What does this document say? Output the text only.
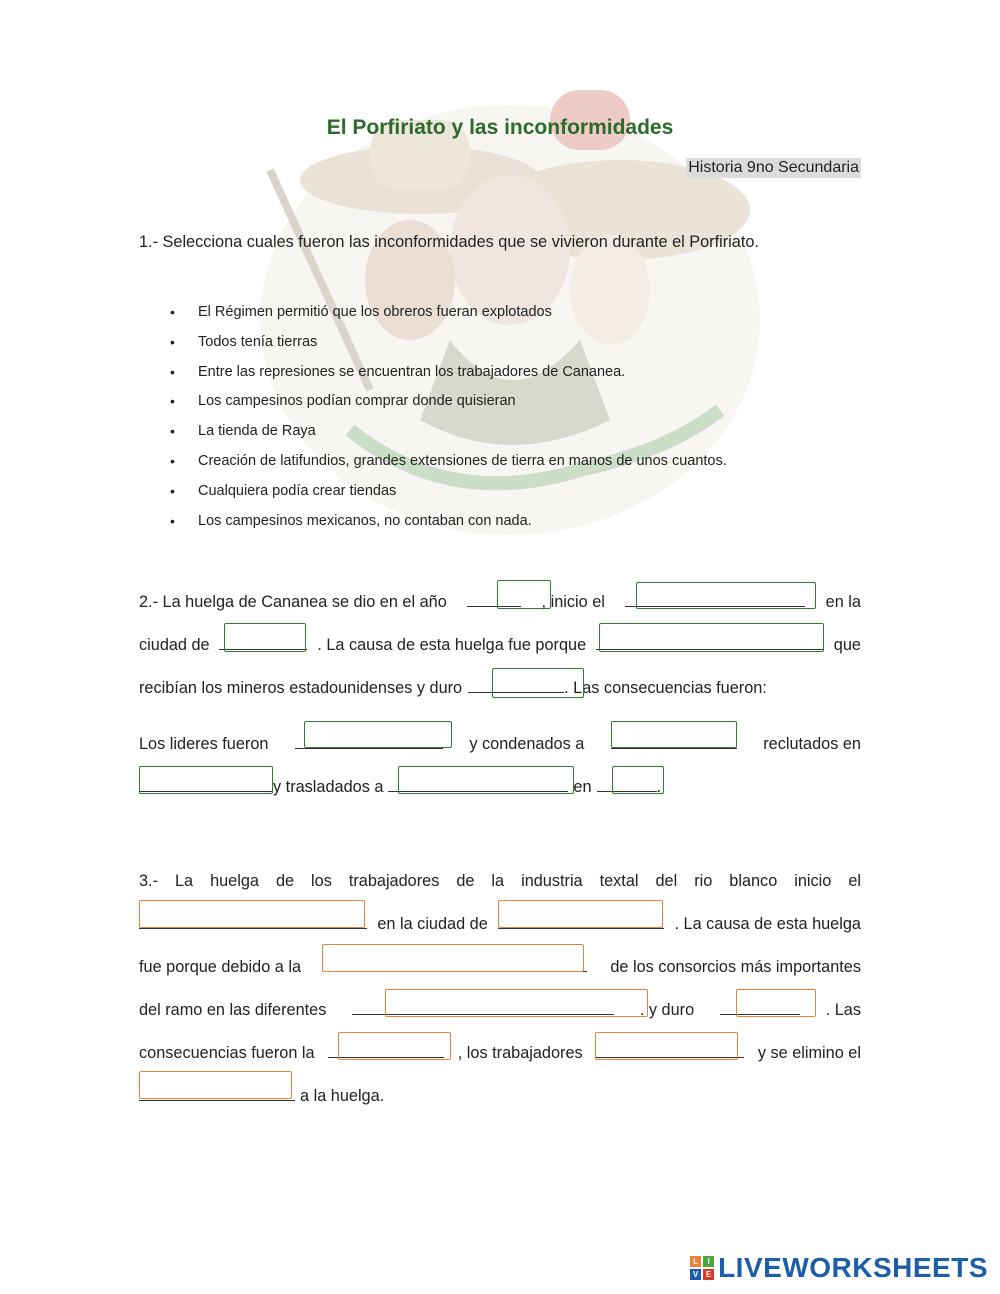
El Porfiriato y las inconformidades
Historia 9no Secundaria
1.- Selecciona cuales fueron las inconformidades que se vivieron durante el Porfiriato.
• El Régimen permitió que los obreros fueran explotados
• Todos tenía tierras
• Entre las represiones se encuentran los trabajadores de Cananea.
• Los campesinos podían comprar donde quisieran
• La tienda de Raya
• Creación de latifundios, grandes extensiones de tierra en manos de unos cuantos.
• Cualquiera podía crear tiendas
• Los campesinos mexicanos, no contaban con nada.
2.- La huelga de Cananea se dio en el año	, inicio el	en la
ciudad de	. La causa de esta huelga fue porque	que
recibían los mineros estadounidenses y duro	. Las consecuencias fueron:
Los lideres fueron	y condenados a	reclutados en
y trasladados a	en	.
3.- La huelga de los trabajadores de la industria textal del rio blanco inicio el
en la ciudad de	. La causa de esta huelga
fue porque debido a la	de los consorcios más importantes
del ramo en las diferentes	. y duro	. Las
consecuencias fueron la	, los trabajadores	y se elimino el
a la huelga.
L	I
V E LIVEWORKSHEETS
